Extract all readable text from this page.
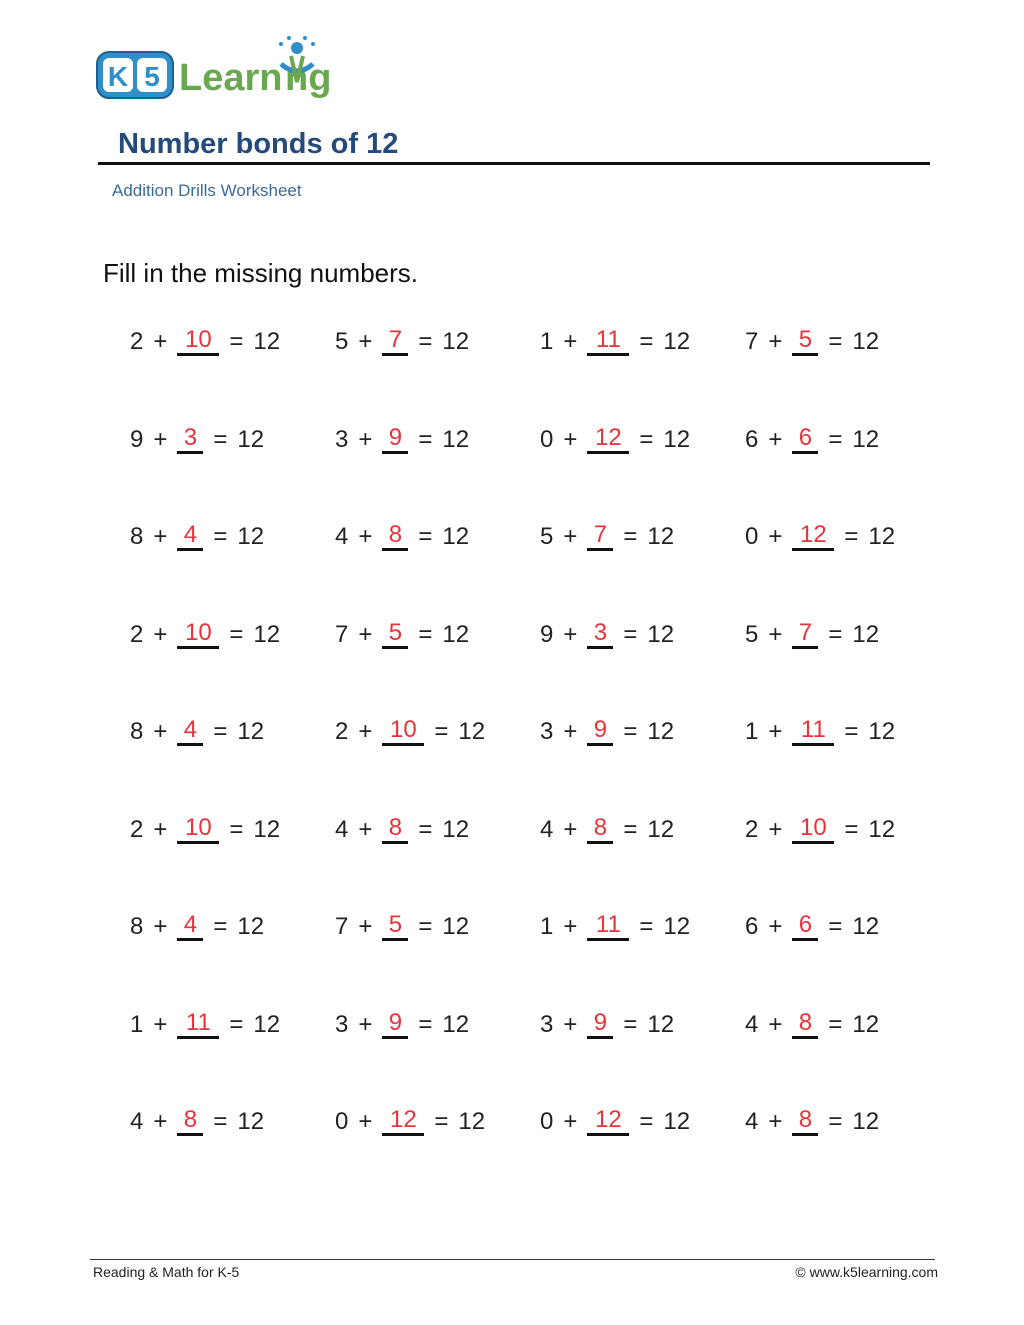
K 5 Learn ng
Number bonds of 12
Addition Drills Worksheet
Fill in the missing numbers.
2 + 10 = 12 5 + 7 = 12	1 + 11 = 12 7 + 5 = 12
9 + 3 = 12	3 + 9 = 12	0 + 12 = 12 6 + 6 = 12
8 + 4 = 12	4 + 8 = 12	5 + 7 = 12	0 + 12 = 12
2 + 10 = 12 7 + 5 = 12	9 + 3 = 12	5 + 7 = 12
8 + 4 = 12	2 + 10 = 12 3 + 9 = 12	1 + 11 = 12
2 + 10 = 12 4 + 8 = 12	4 + 8 = 12	2 + 10 = 12
8 + 4 = 12	7 + 5 = 12	1 + 11 = 12 6 + 6 = 12
1 + 11 = 12 3 + 9 = 12	3 + 9 = 12	4 + 8 = 12
4 + 8 = 12	0 + 12 = 12 0 + 12 = 12 4 + 8 = 12
Reading & Math for K-5	© www.k5learning.com
